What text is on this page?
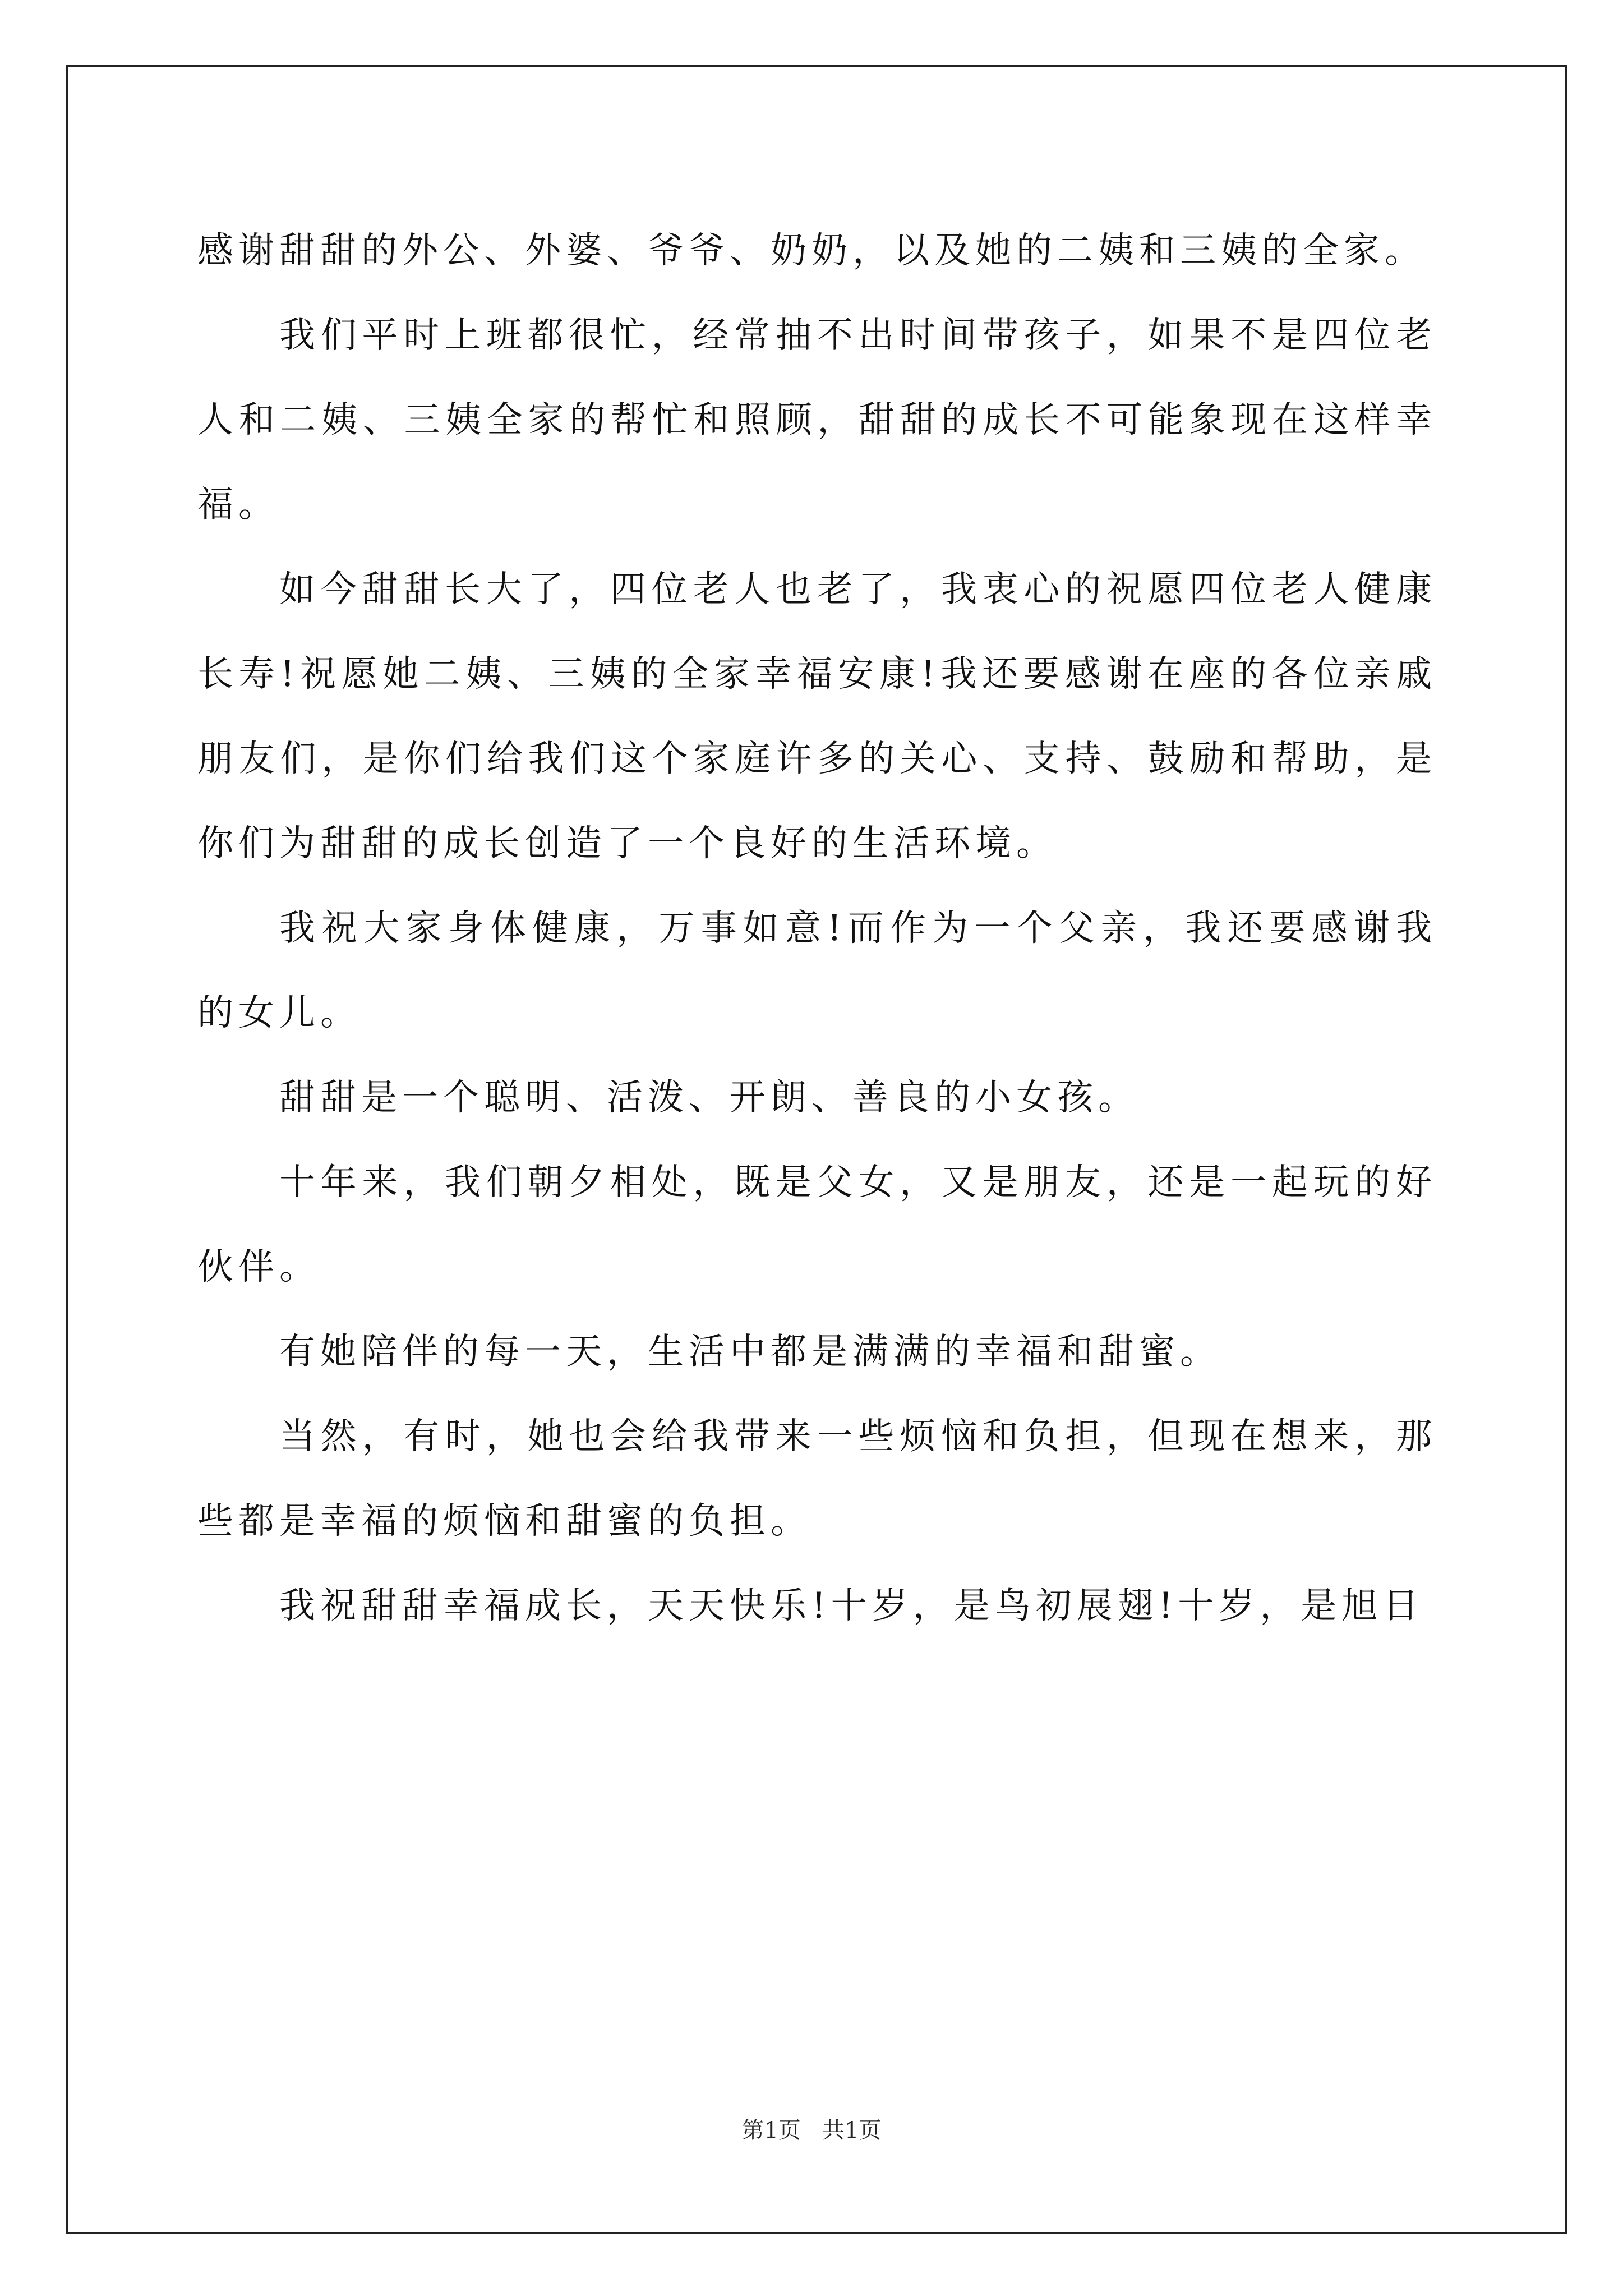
感谢甜甜的外公、外婆、爷爷、奶奶，以及她的二姨和三姨的全家。

我们平时上班都很忙，经常抽不出时间带孩子，如果不是四位老人和二姨、三姨全家的帮忙和照顾，甜甜的成长不可能象现在这样幸福。

如今甜甜长大了，四位老人也老了，我衷心的祝愿四位老人健康长寿!祝愿她二姨、三姨的全家幸福安康!我还要感谢在座的各位亲戚朋友们，是你们给我们这个家庭许多的关心、支持、鼓励和帮助，是你们为甜甜的成长创造了一个良好的生活环境。

我祝大家身体健康，万事如意!而作为一个父亲，我还要感谢我的女儿。

甜甜是一个聪明、活泼、开朗、善良的小女孩。

十年来，我们朝夕相处，既是父女，又是朋友，还是一起玩的好伙伴。

有她陪伴的每一天，生活中都是满满的幸福和甜蜜。

当然，有时，她也会给我带来一些烦恼和负担，但现在想来，那些都是幸福的烦恼和甜蜜的负担。

我祝甜甜幸福成长，天天快乐!十岁，是鸟初展翅!十岁，是旭日

第1页   共1页
